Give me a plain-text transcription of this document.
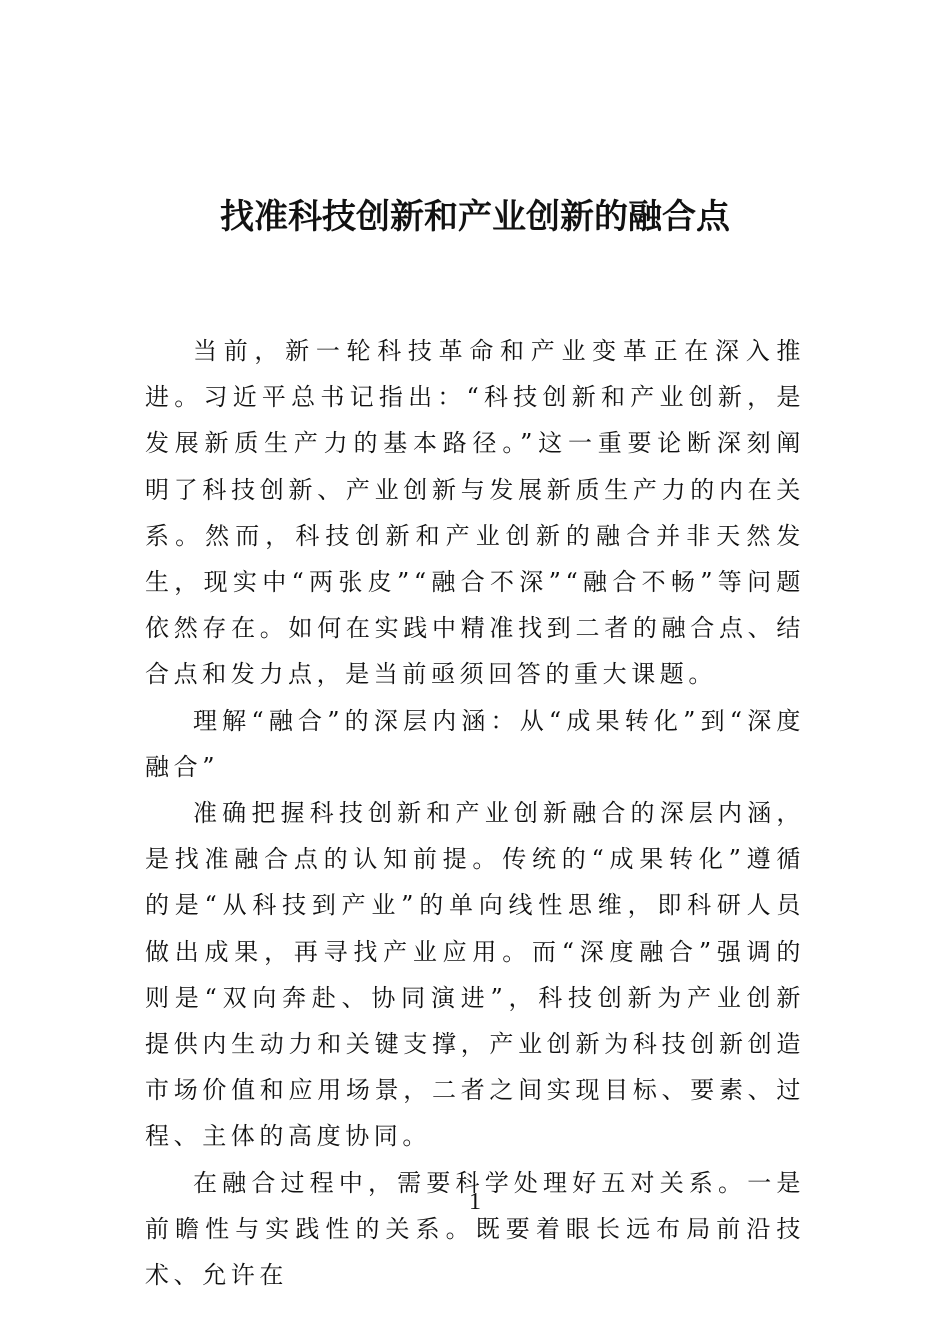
找准科技创新和产业创新的融合点

当前，新一轮科技革命和产业变革正在深入推进。习近平总书记指出：“科技创新和产业创新，是发展新质生产力的基本路径。”这一重要论断深刻阐明了科技创新、产业创新与发展新质生产力的内在关系。然而，科技创新和产业创新的融合并非天然发生，现实中“两张皮”“融合不深”“融合不畅”等问题依然存在。如何在实践中精准找到二者的融合点、结合点和发力点，是当前亟须回答的重大课题。

理解“融合”的深层内涵：从“成果转化”到“深度融合”

准确把握科技创新和产业创新融合的深层内涵，是找准融合点的认知前提。传统的“成果转化”遵循的是“从科技到产业”的单向线性思维，即科研人员做出成果，再寻找产业应用。而“深度融合”强调的则是“双向奔赴、协同演进”，科技创新为产业创新提供内生动力和关键支撑，产业创新为科技创新创造市场价值和应用场景，二者之间实现目标、要素、过程、主体的高度协同。

在融合过程中，需要科学处理好五对关系。一是前瞻性与实践性的关系。既要着眼长远布局前沿技术、允许在

1
